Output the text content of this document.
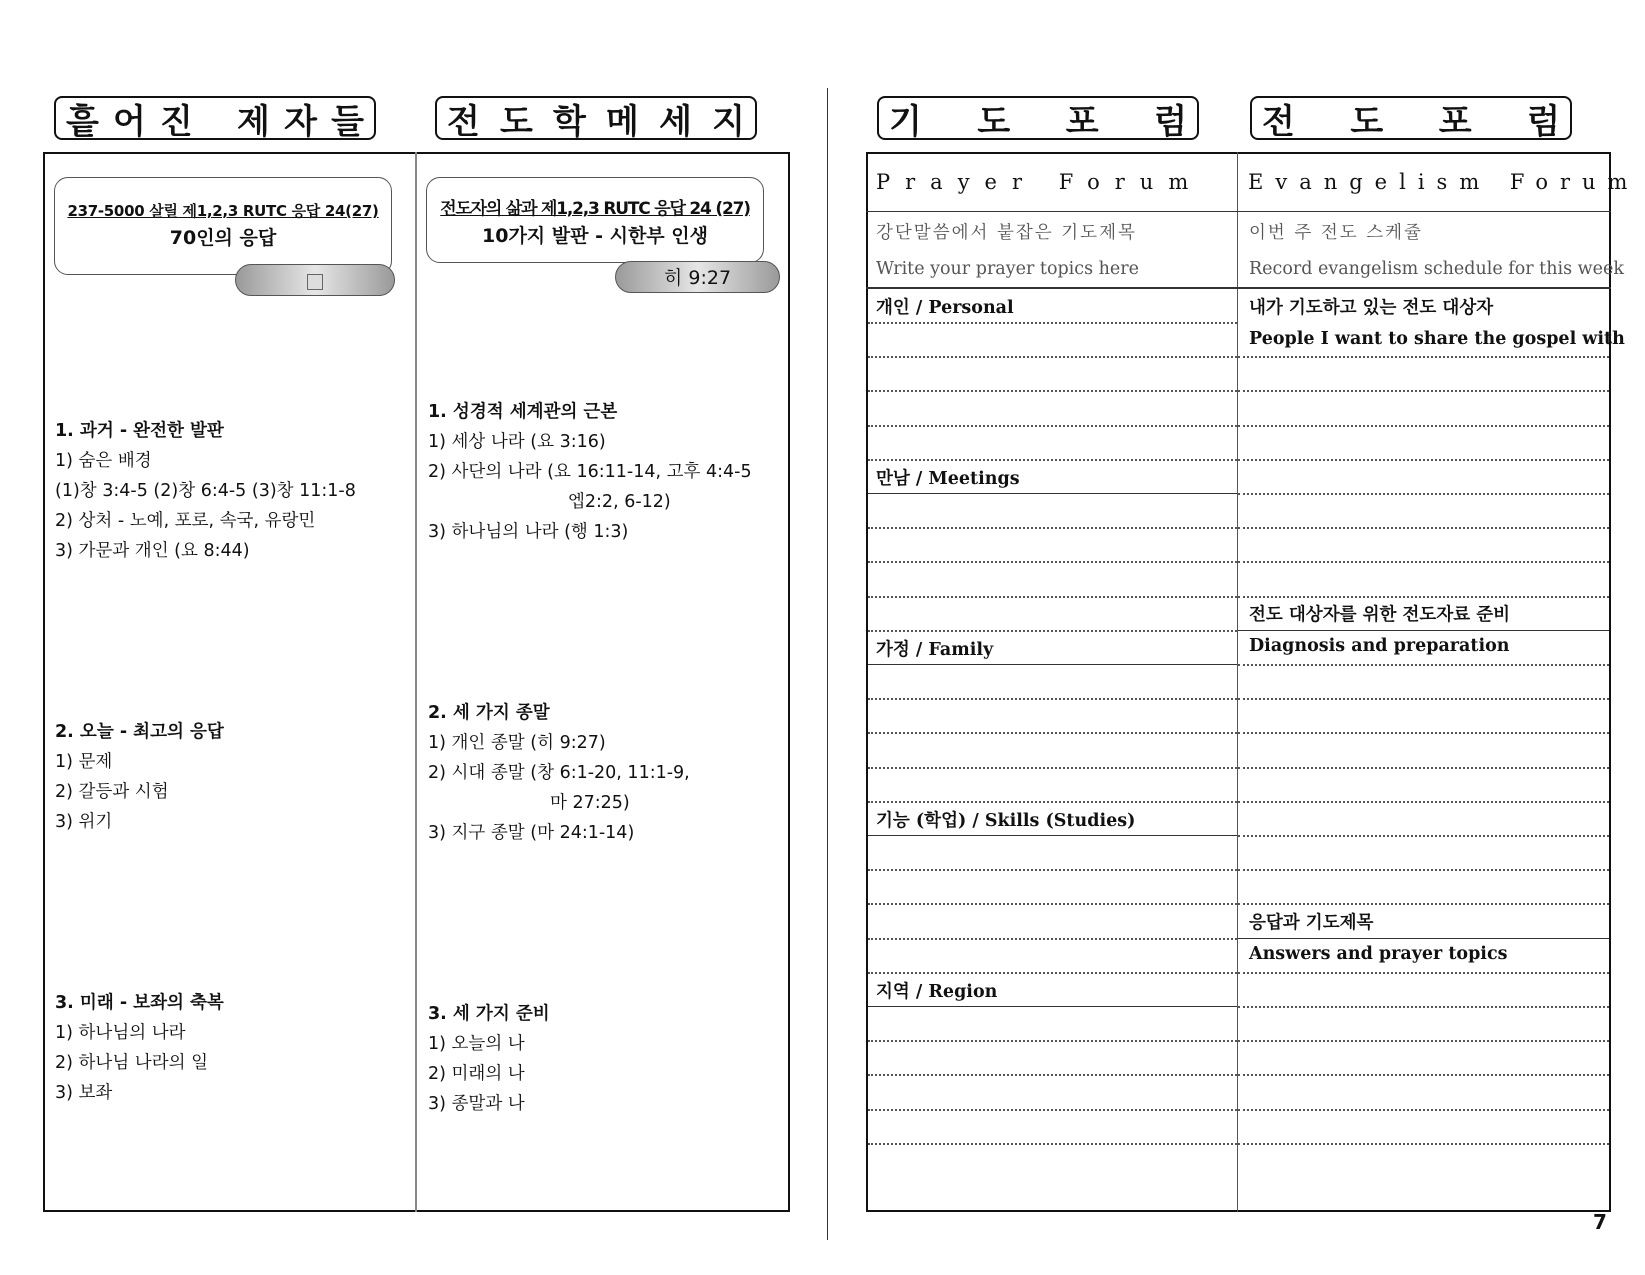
흩 어 진 제 자 들 전 도 학 메 세 지	기 도 포 럼 전 도 포 럼
237-5000 살릴 제1,2,3 RUTC 응답 24(27)
70인의 응답
1. 과거 - 완전한 발판
1) 숨은 배경
(1)창 3:4-5 (2)창 6:4-5 (3)창 11:1-8
2) 상처 - 노예, 포로, 속국, 유랑민
3) 가문과 개인 (요 8:44)
2. 오늘 - 최고의 응답
1) 문제
2) 갈등과 시험
3) 위기
3. 미래 - 보좌의 축복
1) 하나님의 나라
2) 하나님 나라의 일
3) 보좌
전도자의 삶과 제1,2,3 RUTC 응답 24 (27)
10가지 발판 - 시한부 인생
히 9:27
1. 성경적 세계관의 근본
1) 세상 나라 (요 3:16)
2) 사단의 나라 (요 16:11-14, 고후 4:4-5
엡2:2, 6-12)
3) 하나님의 나라 (행 1:3)
2. 세 가지 종말
1) 개인 종말 (히 9:27)
2) 시대 종말 (창 6:1-20, 11:1-9,
마 27:25)
3) 지구 종말 (마 24:1-14)
3. 세 가지 준비
1) 오늘의 나
2) 미래의 나
3) 종말과 나
Prayer Forum Evangelism Forum
강단말씀에서 붙잡은 기도제목
Write your prayer topics here
이번 주 전도 스케쥴
Record evangelism schedule for this week
개인 / Personal
만남 / Meetings
가정 / Family
기능 (학업) / Skills (Studies)
지역 / Region
내가 기도하고 있는 전도 대상자
People I want to share the gospel with
전도 대상자를 위한 전도자료 준비
Diagnosis and preparation
응답과 기도제목
Answers and prayer topics
7
